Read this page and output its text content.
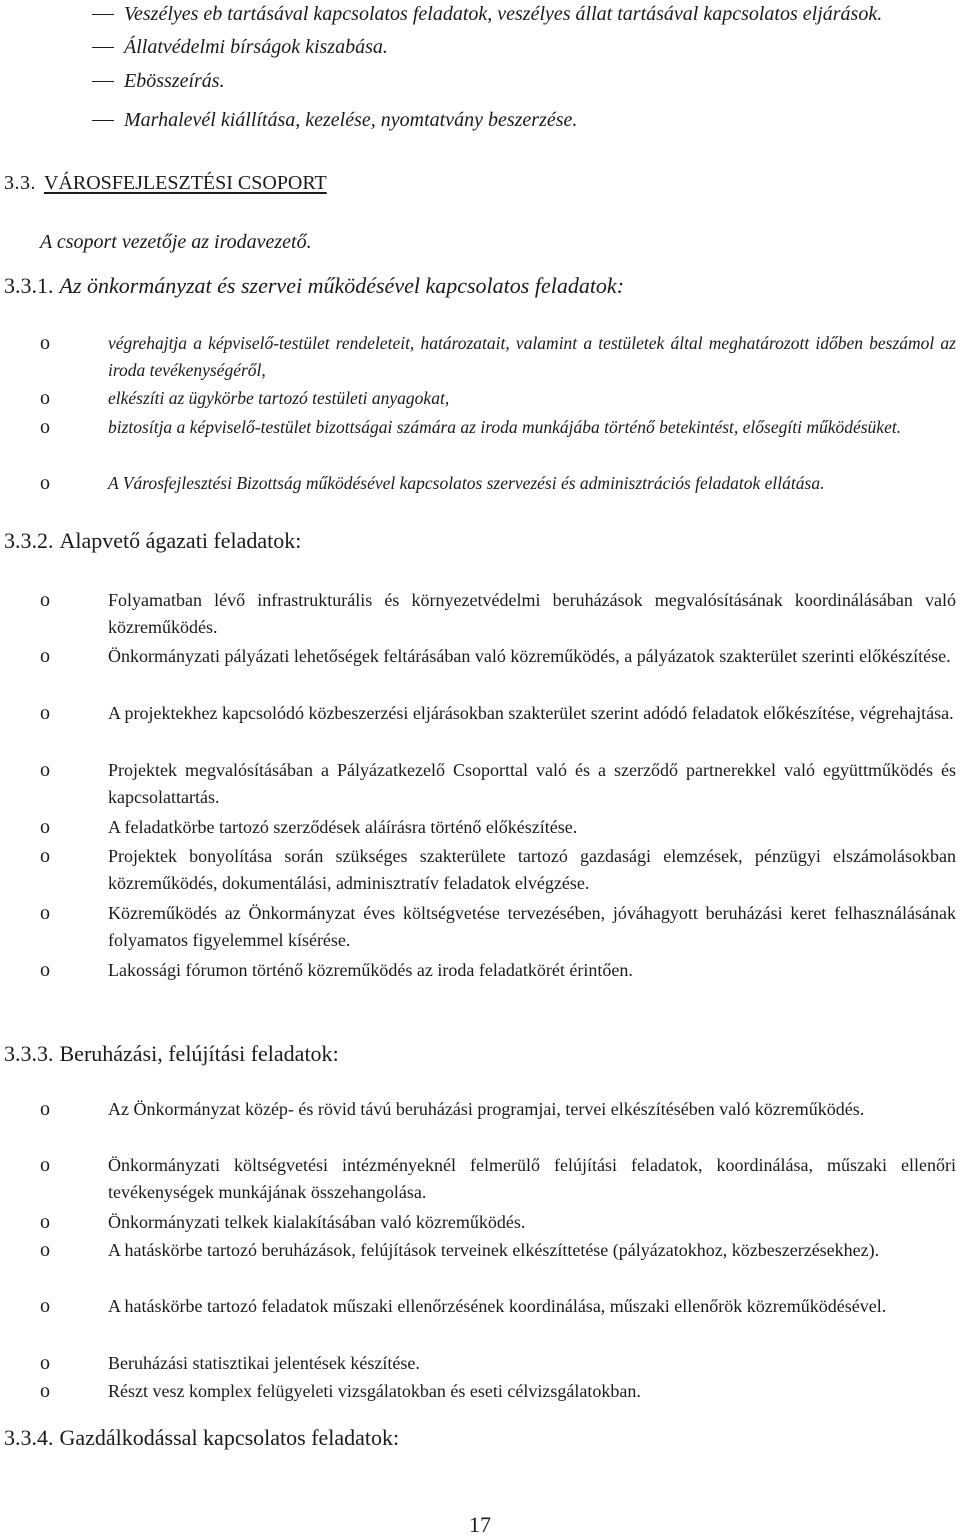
Veszélyes eb tartásával kapcsolatos feladatok, veszélyes állat tartásával kapcsolatos eljárások.
Állatvédelmi bírságok kiszabása.
Ebösszeírás.
Marhalevél kiállítása, kezelése, nyomtatvány beszerzése.
3.3. VÁROSFEJLESZTÉSI CSOPORT
A csoport vezetője az irodavezető.
3.3.1. Az önkormányzat és szervei működésével kapcsolatos feladatok:
o	végrehajtja a képviselő-testület rendeleteit, határozatait, valamint a testületek által meghatározott időben beszámol az iroda tevékenységéről,
o	elkészíti az ügykörbe tartozó testületi anyagokat,
o	biztosítja a képviselő-testület bizottságai számára az iroda munkájába történő betekintést, elősegíti működésüket.
o	A Városfejlesztési Bizottság működésével kapcsolatos szervezési és adminisztrációs feladatok ellátása.
3.3.2. Alapvető ágazati feladatok:
o	Folyamatban lévő infrastrukturális és környezetvédelmi beruházások megvalósításának koordinálásában való közreműködés.
o	Önkormányzati pályázati lehetőségek feltárásában való közreműködés, a pályázatok szakterület szerinti előkészítése.
o	A projektekhez kapcsolódó közbeszerzési eljárásokban szakterület szerint adódó feladatok előkészítése, végrehajtása.
o	Projektek megvalósításában a Pályázatkezelő Csoporttal való és a szerződő partnerekkel való együttműködés és kapcsolattartás.
o	A feladatkörbe tartozó szerződések aláírásra történő előkészítése.
o	Projektek bonyolítása során szükséges szakterülete tartozó gazdasági elemzések, pénzügyi elszámolásokban közreműködés, dokumentálási, adminisztratív feladatok elvégzése.
o	Közreműködés az Önkormányzat éves költségvetése tervezésében, jóváhagyott beruházási keret felhasználásának folyamatos figyelemmel kísérése.
o	Lakossági fórumon történő közreműködés az iroda feladatkörét érintően.
3.3.3. Beruházási, felújítási feladatok:
o	Az Önkormányzat közép- és rövid távú beruházási programjai, tervei elkészítésében való közreműködés.
o	Önkormányzati költségvetési intézményeknél felmerülő felújítási feladatok, koordinálása, műszaki ellenőri tevékenységek munkájának összehangolása.
o	Önkormányzati telkek kialakításában való közreműködés.
o	A hatáskörbe tartozó beruházások, felújítások terveinek elkészíttetése (pályázatokhoz, közbeszerzésekhez).
o	A hatáskörbe tartozó feladatok műszaki ellenőrzésének koordinálása, műszaki ellenőrök közreműködésével.
o	Beruházási statisztikai jelentések készítése.
o	Részt vesz komplex felügyeleti vizsgálatokban és eseti célvizsgálatokban.
3.3.4. Gazdálkodással kapcsolatos feladatok:
17
